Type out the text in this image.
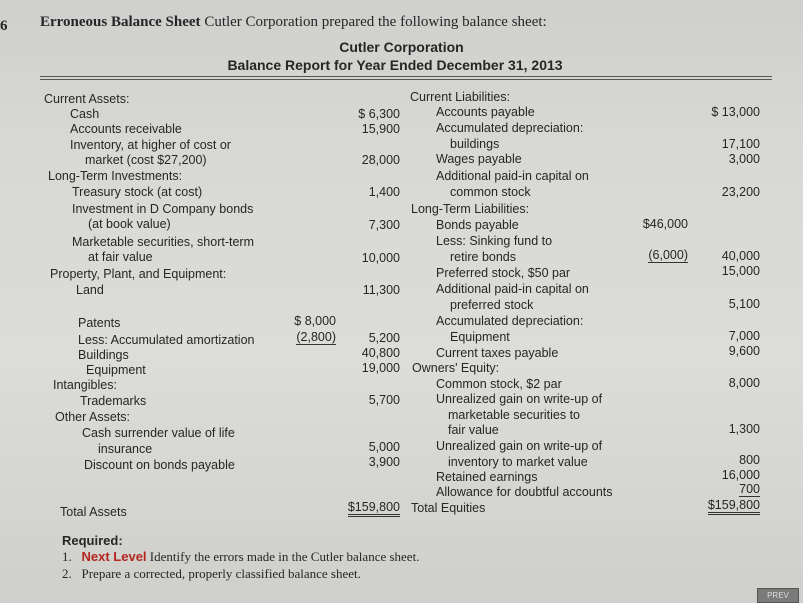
6 Erroneous Balance Sheet Cutler Corporation prepared the following balance sheet:
Cutler Corporation
Balance Report for Year Ended December 31, 2013
Current Assets:
Cash	$ 6,300
Accounts receivable	15,900
Inventory, at higher of cost or
market (cost $27,200)	28,000
Long-Term Investments:
Treasury stock (at cost)	1,400
Investment in D Company bonds
(at book value)	7,300
Marketable securities, short-term
at fair value	10,000
Property, Plant, and Equipment:
Land	11,300
Patents	$ 8,000
Less: Accumulated amortization	(2,800)	5,200
Buildings	40,800
Equipment	19,000
Intangibles:
Trademarks	5,700
Other Assets:
Cash surrender value of life
insurance	5,000
Discount on bonds payable	3,900
Total Assets	$159,800
Current Liabilities:
Accounts payable	$ 13,000
Accumulated depreciation:
buildings	17,100
Wages payable	3,000
Additional paid-in capital on
common stock	23,200
Long-Term Liabilities:
Bonds payable	$46,000
Less: Sinking fund to
retire bonds	(6,000)	40,000
Preferred stock, $50 par	15,000
Additional paid-in capital on
preferred stock	5,100
Accumulated depreciation:
Equipment	7,000
Current taxes payable	9,600
Owners' Equity:
Common stock, $2 par	8,000
Unrealized gain on write-up of
marketable securities to
fair value	1,300
Unrealized gain on write-up of
inventory to market value	800
Retained earnings	16,000
Allowance for doubtful accounts	700
Total Equities	$159,800
Required:
1. Next Level Identify the errors made in the Cutler balance sheet.
2. Prepare a corrected, properly classified balance sheet.
PREV
